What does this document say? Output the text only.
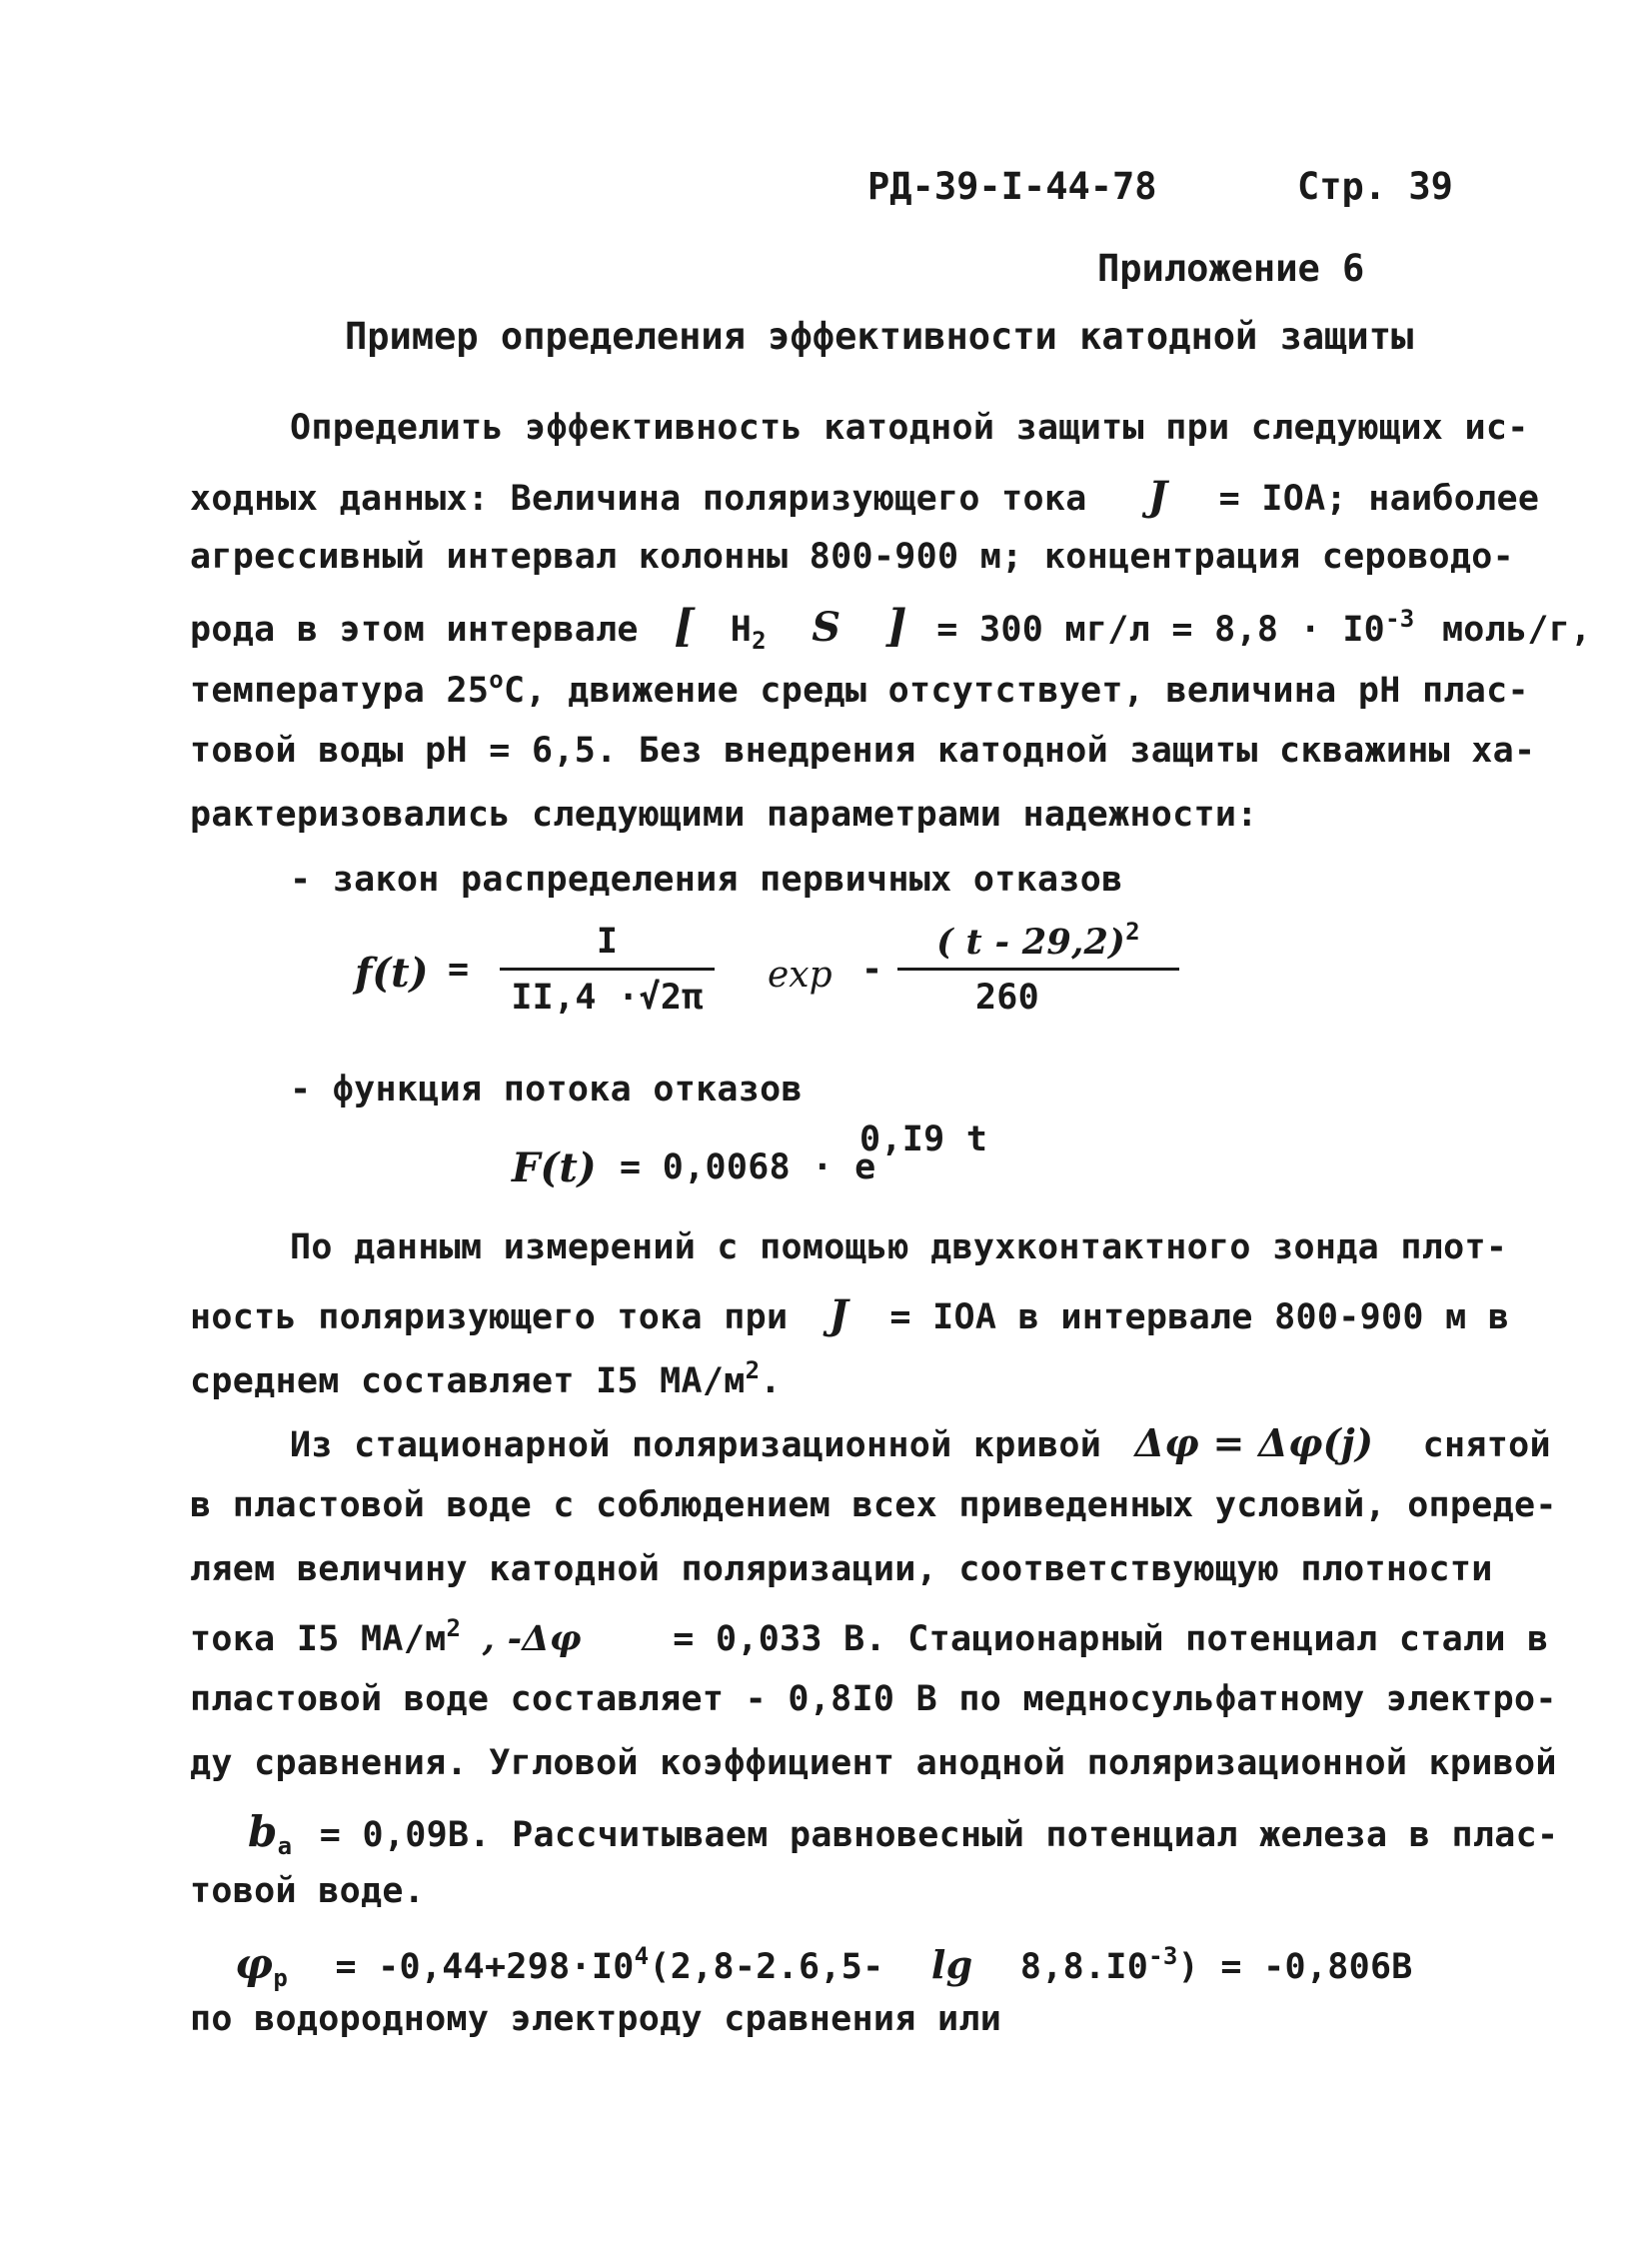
РД-39-I-44-78	Стр. 39
Приложение 6
Пример определения эффективности катодной защиты
Определить эффективность катодной защиты при следующих ис-
ходных данных: Величина поляризующего тока J = IOA; наиболее
агрессивный интервал колонны 800-900 м; концентрация сероводо-
рода в этом интервале [ $H_2$ S ] = 300 $мг/л = 8,8 \cdot I0^{-3}$ моль/г,
температура 25$^o$С, движение среды отсутствует, величина pH плас-
товой воды pH = 6,5. Без внедрения катодной защиты скважины ха-
рактеризовались следующими параметрами надежности:
- закон распределения первичных отказов
f(t) =
I
II,4 ·√2π
exp -
( t - 29,2)$^2$
260
- функция потока отказов
F(t) = 0,0068 · e
0,I9 t
По данным измерений с помощью двухконтактного зонда плот-
ность поляризующего тока при J = IOA в интервале 800-900 м в
среднем составляет I5 $МА/м^2$.
Из стационарной поляризационной кривой Δφ = Δφ(j) снятой
в пластовой воде с соблюдением всех приведенных условий, опреде-
ляем величину катодной поляризации, соответствующую плотности
тока I5 $МА/м^2$ , -Δφ	= 0,033 В. Стационарный потенциал стали в
пластовой воде составляет - 0,8I0 В по медносульфатному электро-
ду сравнения. Угловой коэффициент анодной поляризационной кривой
$b_a = 0,09В$. Рассчитываем равновесный потенциал железа в плас-
товой воде.
$\varphi_p = -0,44+298\cdot I0^4(2,8-2.6,5-$ $\lg 8,8.I0^{-3}) = -0,806В$
по водородному электроду сравнения или
